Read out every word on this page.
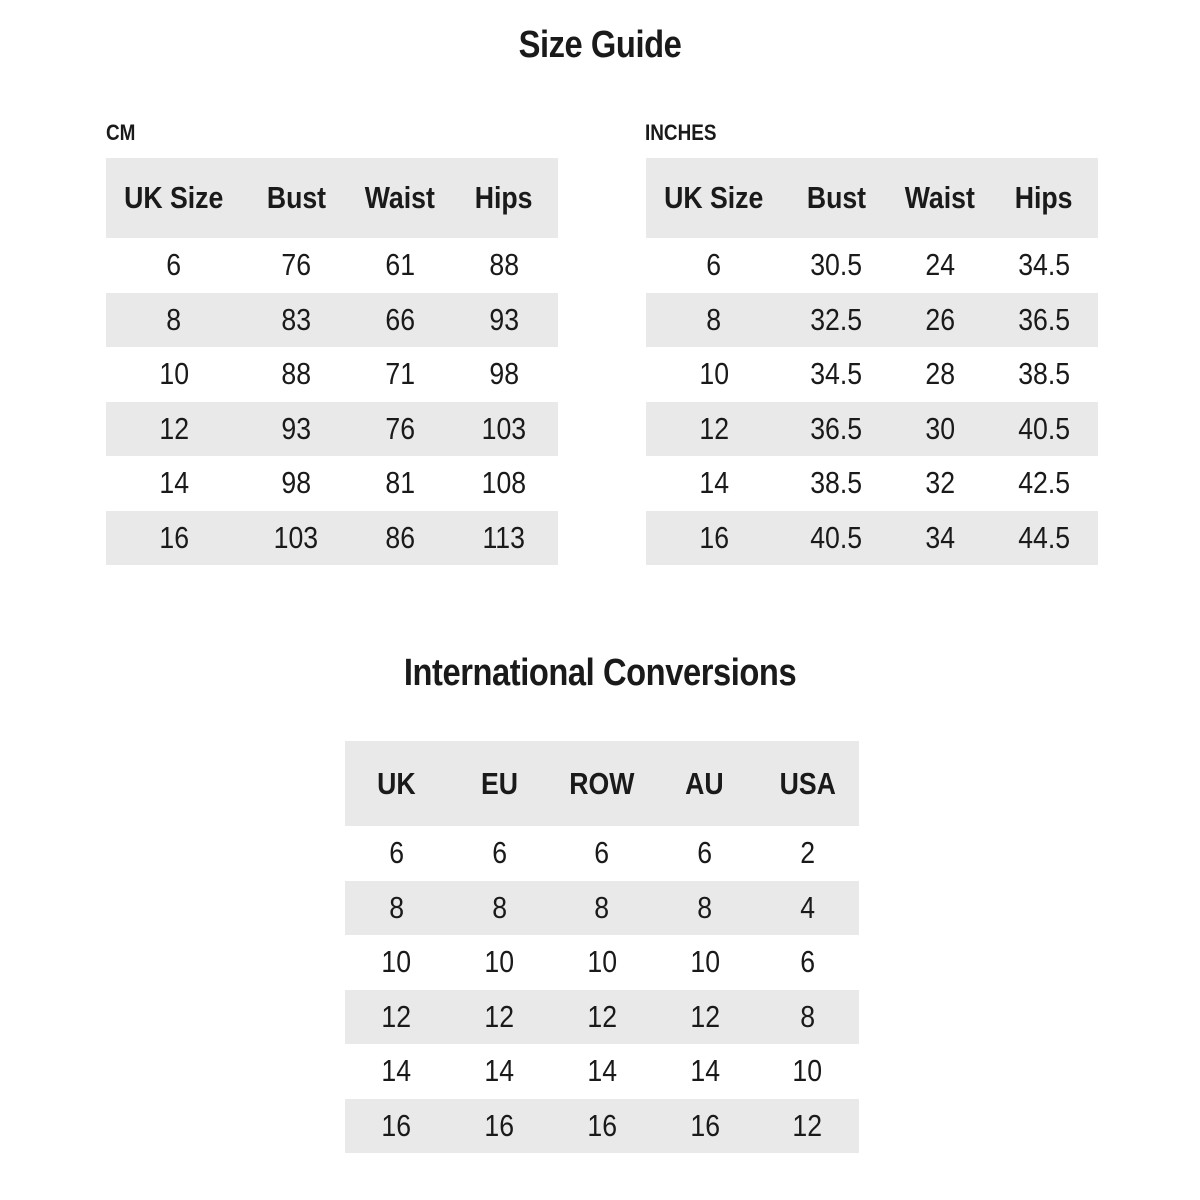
Size Guide
CM	INCHES
UK Size	Bust	Waist	Hips
6	76	61	88
8	83	66	93
10	88	71	98
12	93	76	103
14	98	81	108
16	103	86	113
UK Size	Bust	Waist	Hips
6	30.5	24	34.5
8	32.5	26	36.5
10	34.5	28	38.5
12	36.5	30	40.5
14	38.5	32	42.5
16	40.5	34	44.5
International Conversions
UK	EU	ROW	AU	USA
6	6	6	6	2
8	8	8	8	4
10	10	10	10	6
12	12	12	12	8
14	14	14	14	10
16	16	16	16	12
